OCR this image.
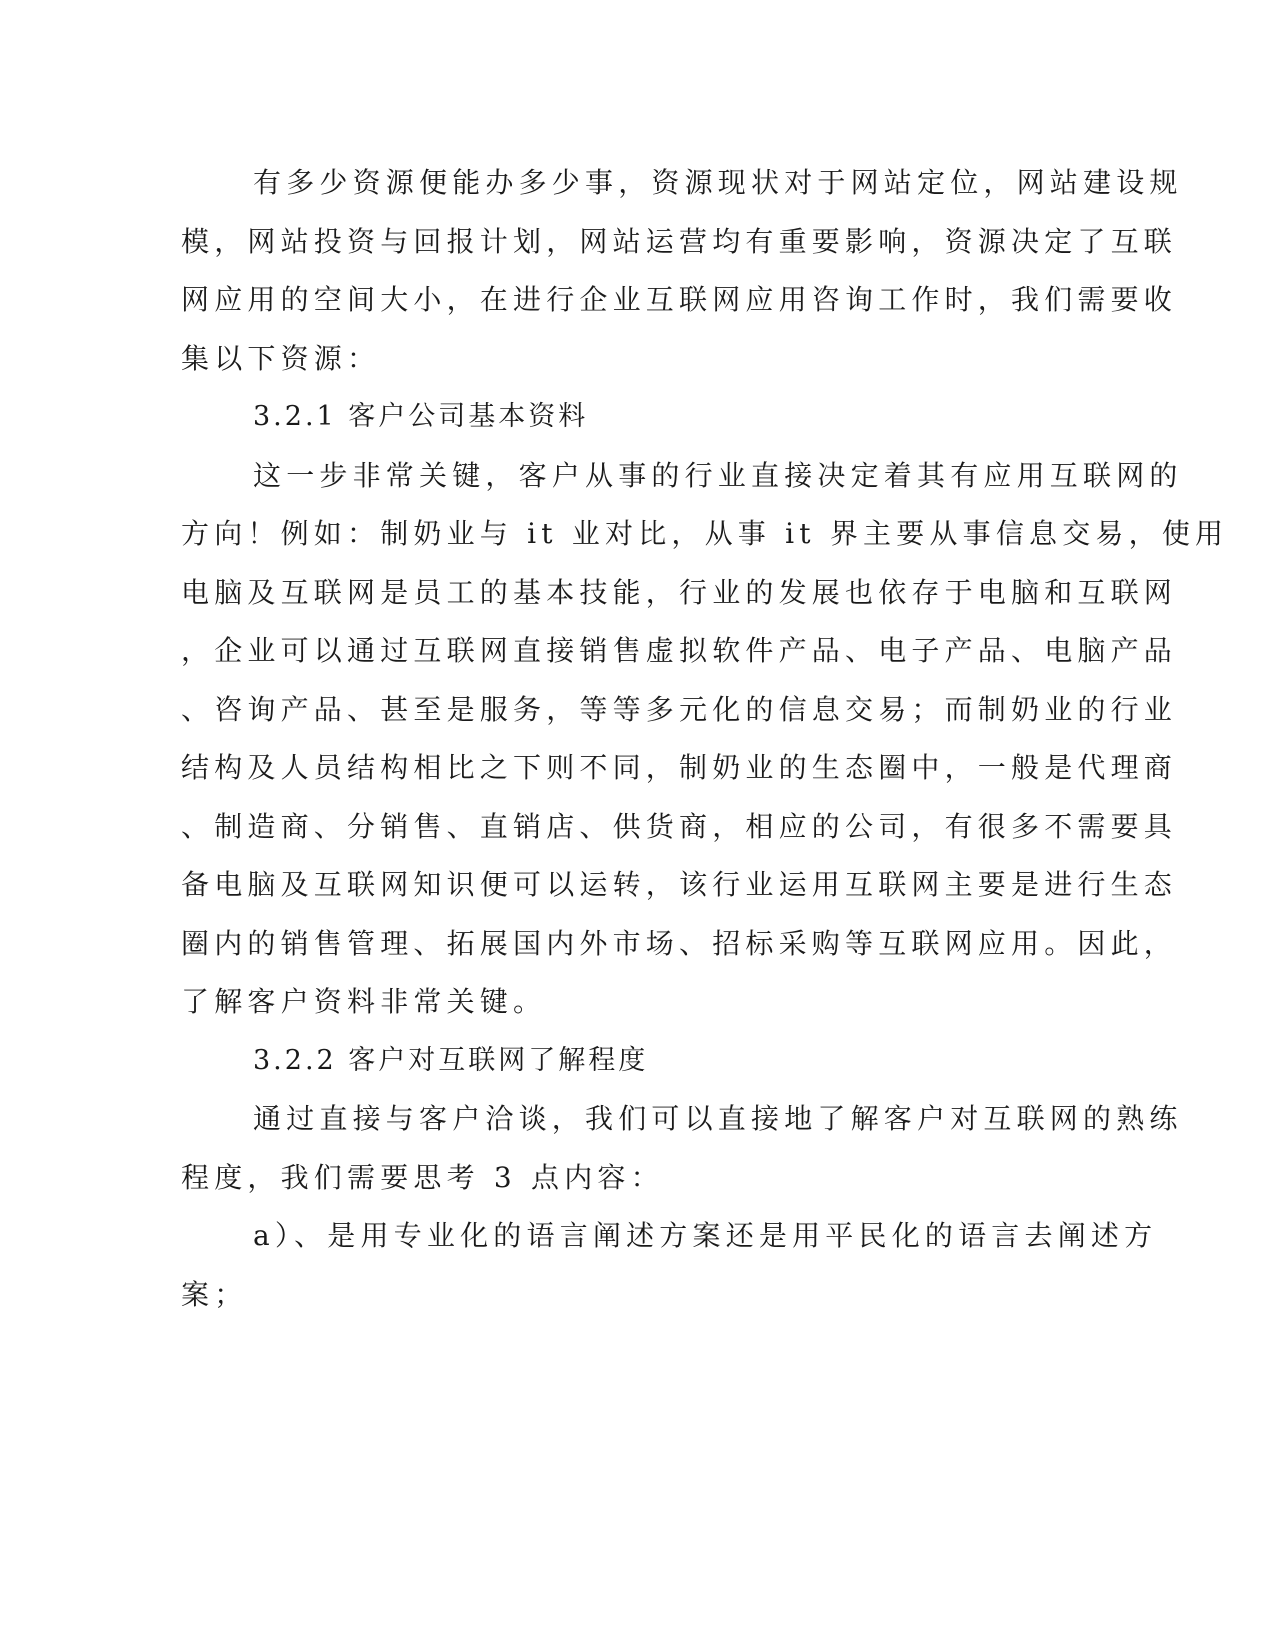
有多少资源便能办多少事，资源现状对于网站定位，网站建设规
模，网站投资与回报计划，网站运营均有重要影响，资源决定了互联
网应用的空间大小，在进行企业互联网应用咨询工作时，我们需要收
集以下资源：
3.2.1 客户公司基本资料
这一步非常关键，客户从事的行业直接决定着其有应用互联网的
方向！例如：制奶业与 it 业对比，从事 it 界主要从事信息交易，使用
电脑及互联网是员工的基本技能，行业的发展也依存于电脑和互联网
，企业可以通过互联网直接销售虚拟软件产品、电子产品、电脑产品
、咨询产品、甚至是服务，等等多元化的信息交易；而制奶业的行业
结构及人员结构相比之下则不同，制奶业的生态圈中，一般是代理商
、制造商、分销售、直销店、供货商，相应的公司，有很多不需要具
备电脑及互联网知识便可以运转，该行业运用互联网主要是进行生态
圈内的销售管理、拓展国内外市场、招标采购等互联网应用。因此，
了解客户资料非常关键。
3.2.2 客户对互联网了解程度
通过直接与客户洽谈，我们可以直接地了解客户对互联网的熟练
程度，我们需要思考 3 点内容：
a）、是用专业化的语言阐述方案还是用平民化的语言去阐述方
案；
